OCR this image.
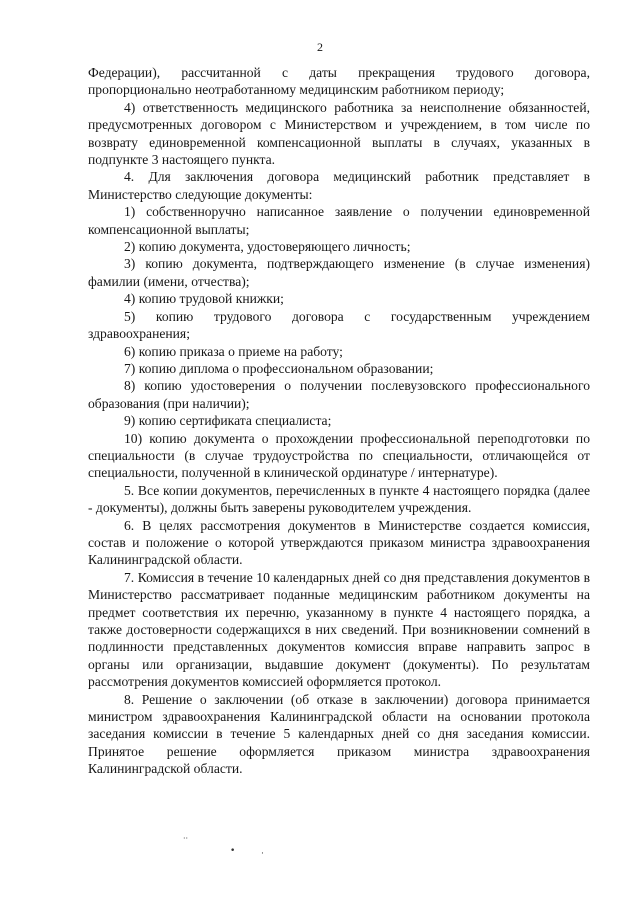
2

Федерации), рассчитанной с даты прекращения трудового договора, пропорционально неотработанному медицинским работником периоду;

4) ответственность медицинского работника за неисполнение обязанностей, предусмотренных договором с Министерством и учреждением, в том числе по возврату единовременной компенсационной выплаты в случаях, указанных в подпункте 3 настоящего пункта.

4. Для заключения договора медицинский работник представляет в Министерство следующие документы:

1) собственноручно написанное заявление о получении единовременной компенсационной выплаты;

2) копию документа, удостоверяющего личность;

3) копию документа, подтверждающего изменение (в случае изменения) фамилии (имени, отчества);

4) копию трудовой книжки;

5) копию трудового договора с государственным учреждением здравоохранения;

6) копию приказа о приеме на работу;

7) копию диплома о профессиональном образовании;

8) копию удостоверения о получении послевузовского профессионального образования (при наличии);

9) копию сертификата специалиста;

10) копию документа о прохождении профессиональной переподготовки по специальности (в случае трудоустройства по специальности, отличающейся от специальности, полученной в клинической ординатуре / интернатуре).

5. Все копии документов, перечисленных в пункте 4 настоящего порядка (далее - документы), должны быть заверены руководителем учреждения.

6. В целях рассмотрения документов в Министерстве создается комиссия, состав и положение о которой утверждаются приказом министра здравоохранения Калининградской области.

7. Комиссия в течение 10 календарных дней со дня представления документов в Министерство рассматривает поданные медицинским работником документы на предмет соответствия их перечню, указанному в пункте 4 настоящего порядка, а также достоверности содержащихся в них сведений. При возникновении сомнений в подлинности представленных документов комиссия вправе направить запрос в органы или организации, выдавшие документ (документы). По результатам рассмотрения документов комиссией оформляется протокол.

8. Решение о заключении (об отказе в заключении) договора принимается министром здравоохранения Калининградской области на основании протокола заседания комиссии в течение 5 календарных дней со дня заседания комиссии. Принятое решение оформляется приказом министра здравоохранения Калининградской области.

··
•	·
